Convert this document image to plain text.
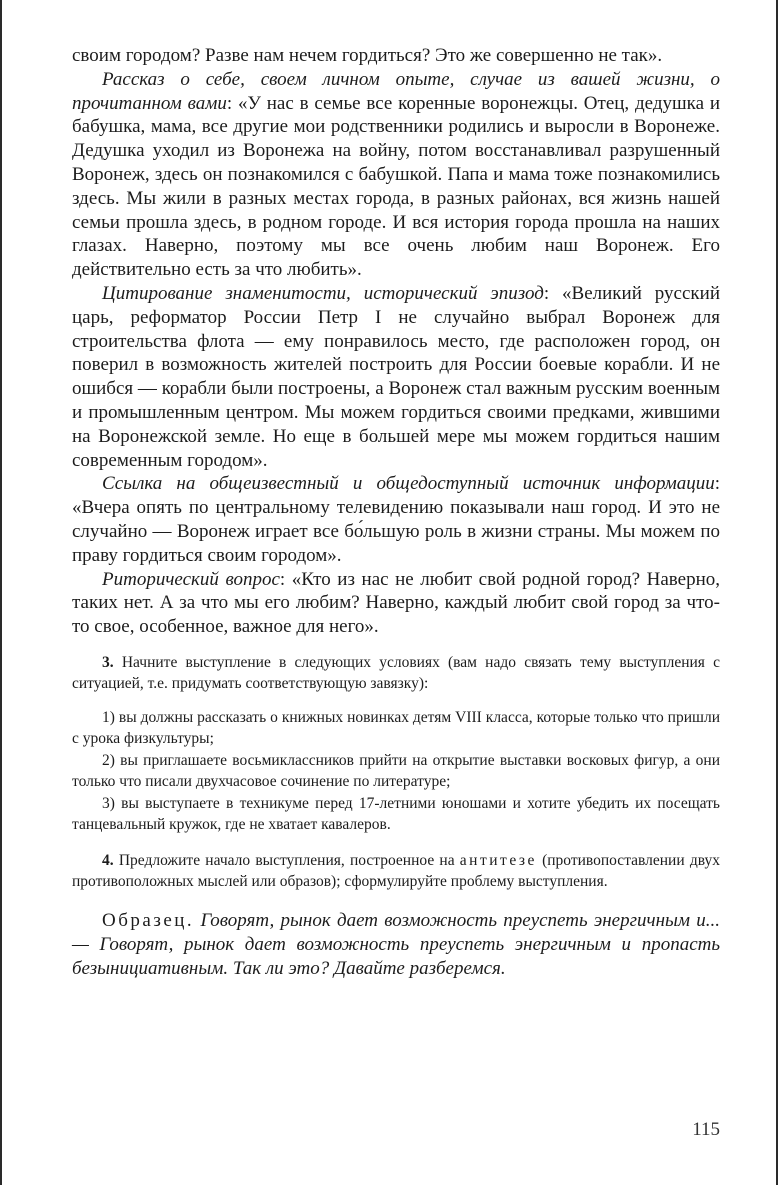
своим городом? Разве нам нечем гордиться? Это же совершенно не так».

Рассказ о себе, своем личном опыте, случае из вашей жизни, о прочитанном вами: «У нас в семье все коренные воронежцы. Отец, дедушка и бабушка, мама, все другие мои родственники родились и выросли в Воронеже. Дедушка уходил из Воронежа на войну, потом восстанавливал разрушенный Воронеж, здесь он познакомился с бабушкой. Папа и мама тоже познакомились здесь. Мы жили в разных местах города, в разных районах, вся жизнь нашей семьи прошла здесь, в родном городе. И вся история города прошла на наших глазах. Наверно, поэтому мы все очень любим наш Воронеж. Его действительно есть за что любить».

Цитирование знаменитости, исторический эпизод: «Великий русский царь, реформатор России Петр I не случайно выбрал Воронеж для строительства флота — ему понравилось место, где расположен город, он поверил в возможность жителей построить для России боевые корабли. И не ошибся — корабли были построены, а Воронеж стал важным русским военным и промышленным центром. Мы можем гордиться своими предками, жившими на Воронежской земле. Но еще в большей мере мы можем гордиться нашим современным городом».

Ссылка на общеизвестный и общедоступный источник информации: «Вчера опять по центральному телевидению показывали наш город. И это не случайно — Воронеж играет все бо́льшую роль в жизни страны. Мы можем по праву гордиться своим городом».

Риторический вопрос: «Кто из нас не любит свой родной город? Наверно, таких нет. А за что мы его любим? Наверно, каждый любит свой город за что-то свое, особенное, важное для него».

3. Начните выступление в следующих условиях (вам надо связать тему выступления с ситуацией, т.е. придумать соответствующую завязку):

1) вы должны рассказать о книжных новинках детям VIII класса, которые только что пришли с урока физкультуры;

2) вы приглашаете восьмиклассников прийти на открытие выставки восковых фигур, а они только что писали двухчасовое сочинение по литературе;

3) вы выступаете в техникуме перед 17-летними юношами и хотите убедить их посещать танцевальный кружок, где не хватает кавалеров.

4. Предложите начало выступления, построенное на антитезе (противопоставлении двух противоположных мыслей или образов); сформулируйте проблему выступления.

Образец. Говорят, рынок дает возможность преуспеть энергичным и... — Говорят, рынок дает возможность преуспеть энергичным и пропасть безынициативным. Так ли это? Давайте разберемся.

115
